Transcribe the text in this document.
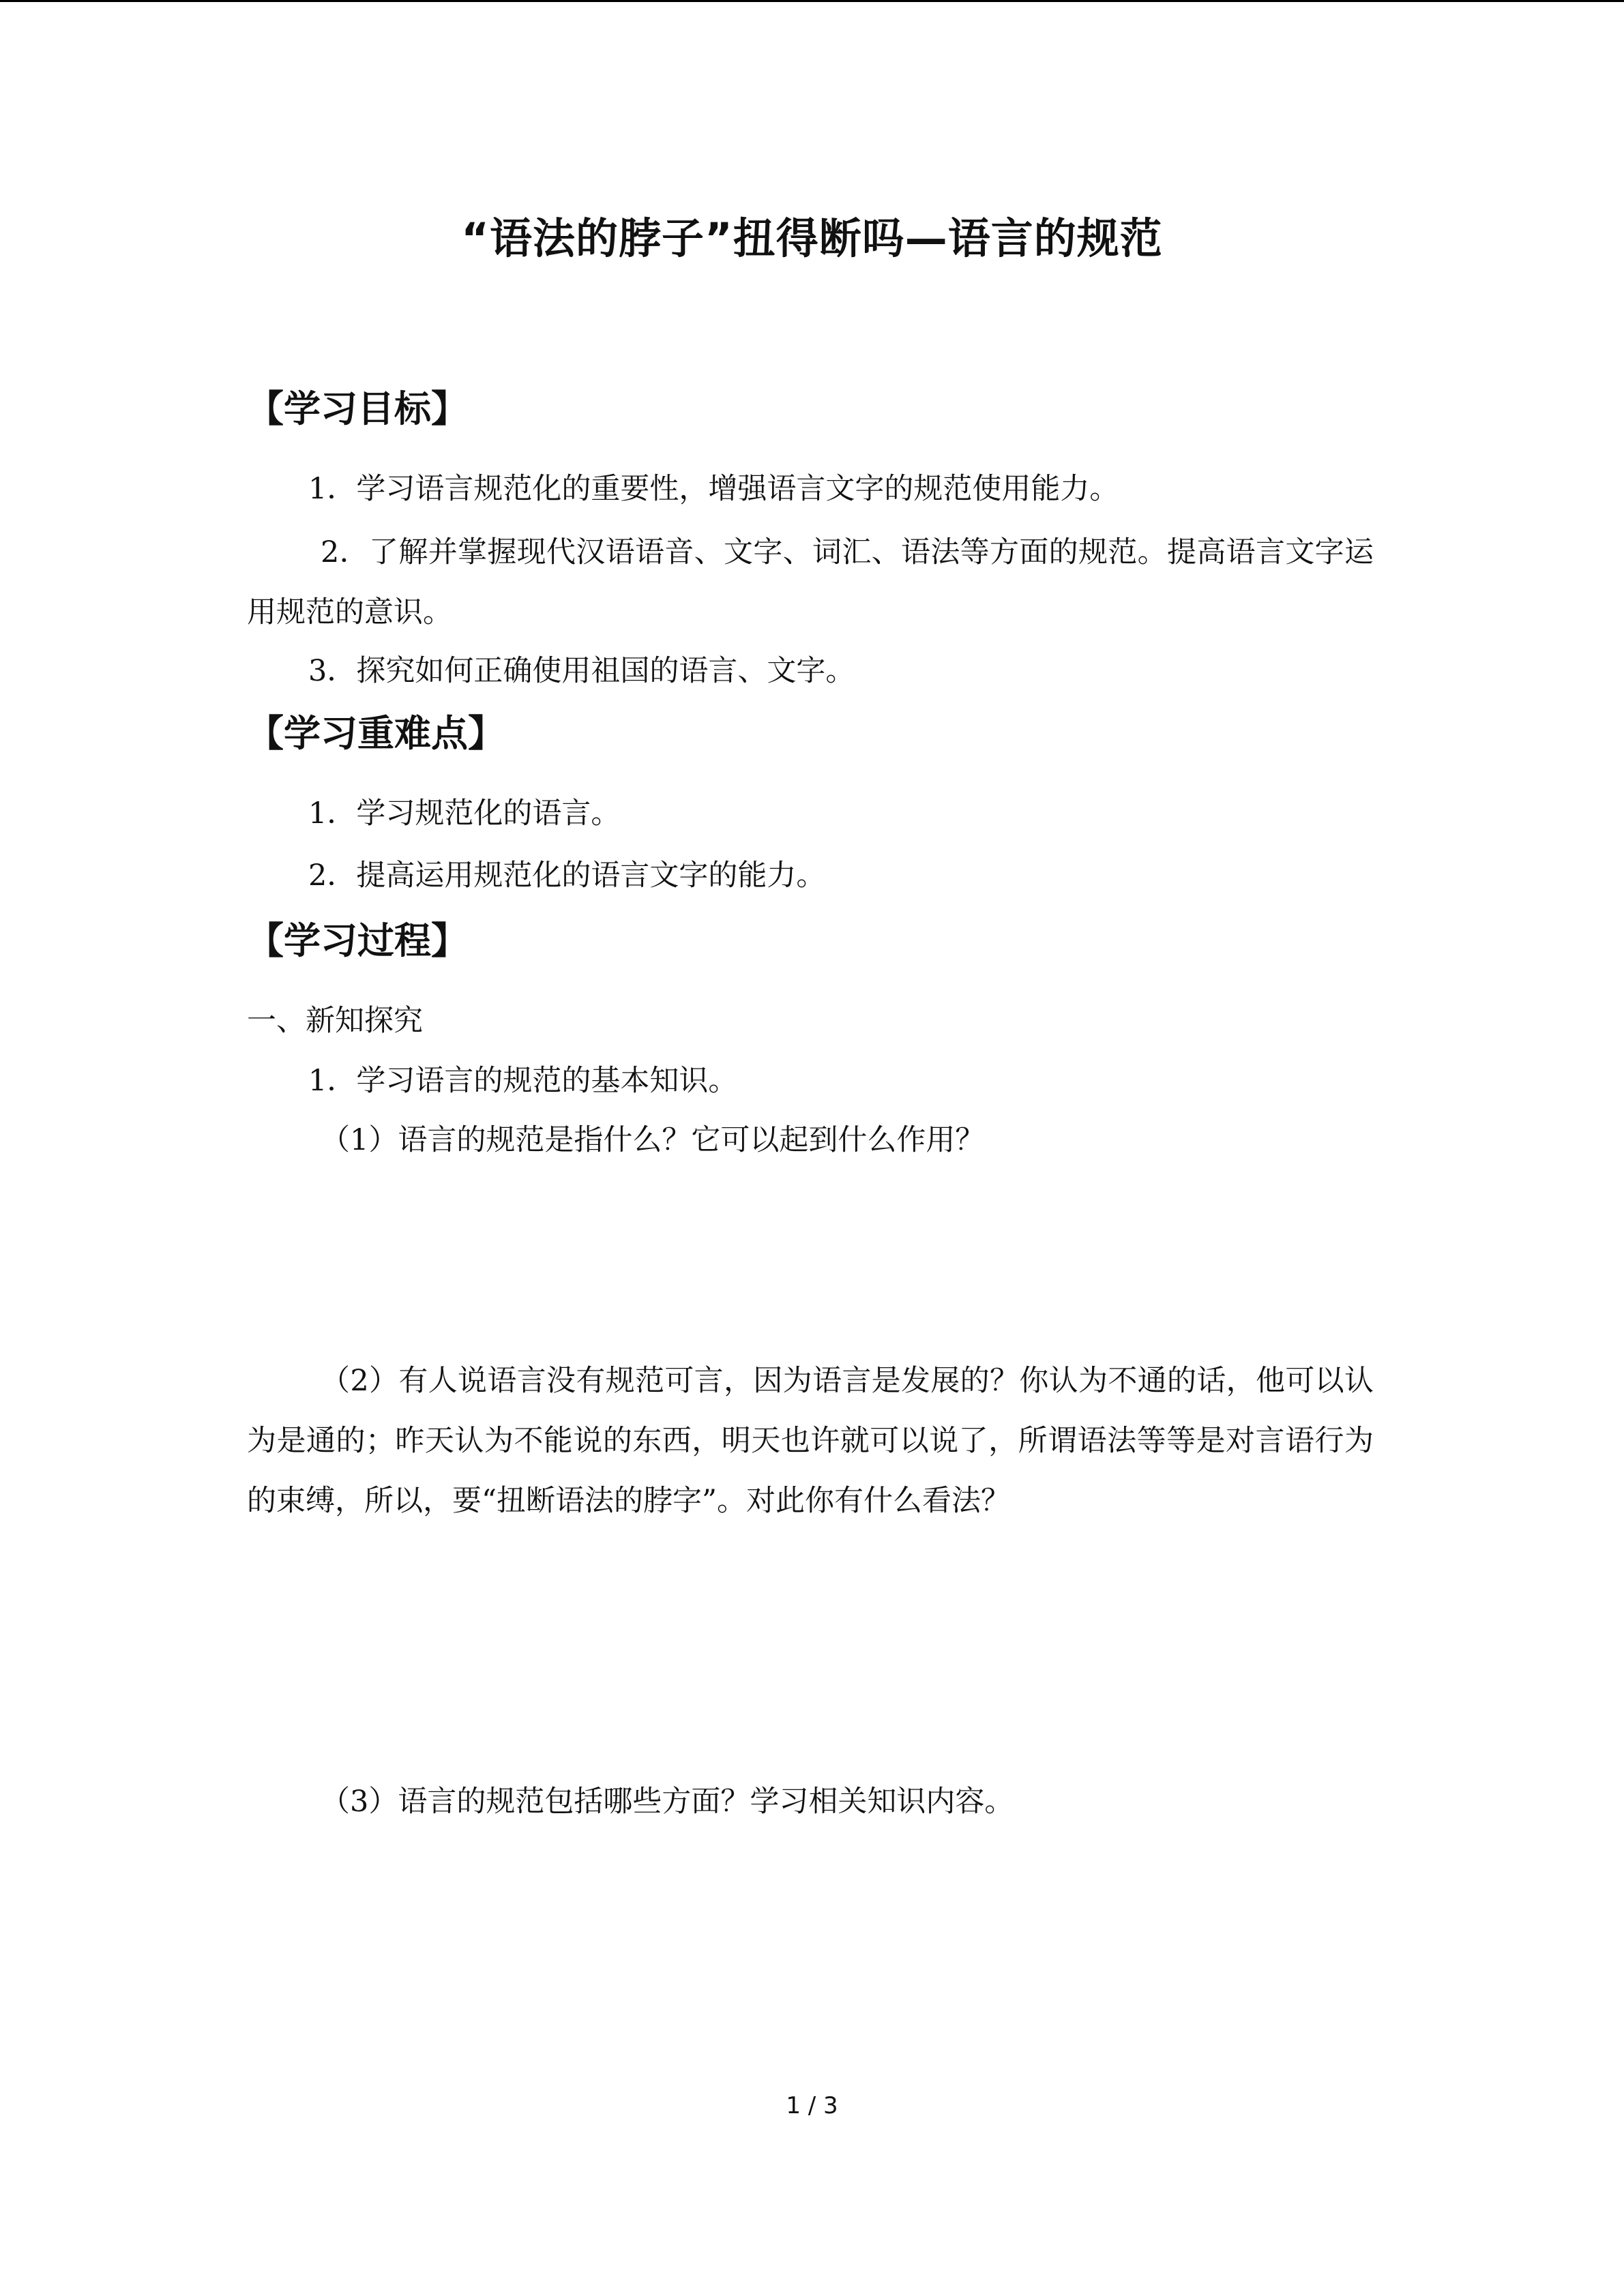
“语法的脖子”扭得断吗—语言的规范
【学习目标】
1．学习语言规范化的重要性，增强语言文字的规范使用能力。
2．了解并掌握现代汉语语音、文字、词汇、语法等方面的规范。提高语言文字运用规范的意识。
3．探究如何正确使用祖国的语言、文字。
【学习重难点】
1．学习规范化的语言。
2．提高运用规范化的语言文字的能力。
【学习过程】
一、新知探究
1．学习语言的规范的基本知识。
（1）语言的规范是指什么？它可以起到什么作用？
（2）有人说语言没有规范可言，因为语言是发展的？你认为不通的话，他可以认为是通的；昨天认为不能说的东西，明天也许就可以说了，所谓语法等等是对言语行为的束缚，所以，要“扭断语法的脖字”。对此你有什么看法？
（3）语言的规范包括哪些方面？学习相关知识内容。
1 / 3
